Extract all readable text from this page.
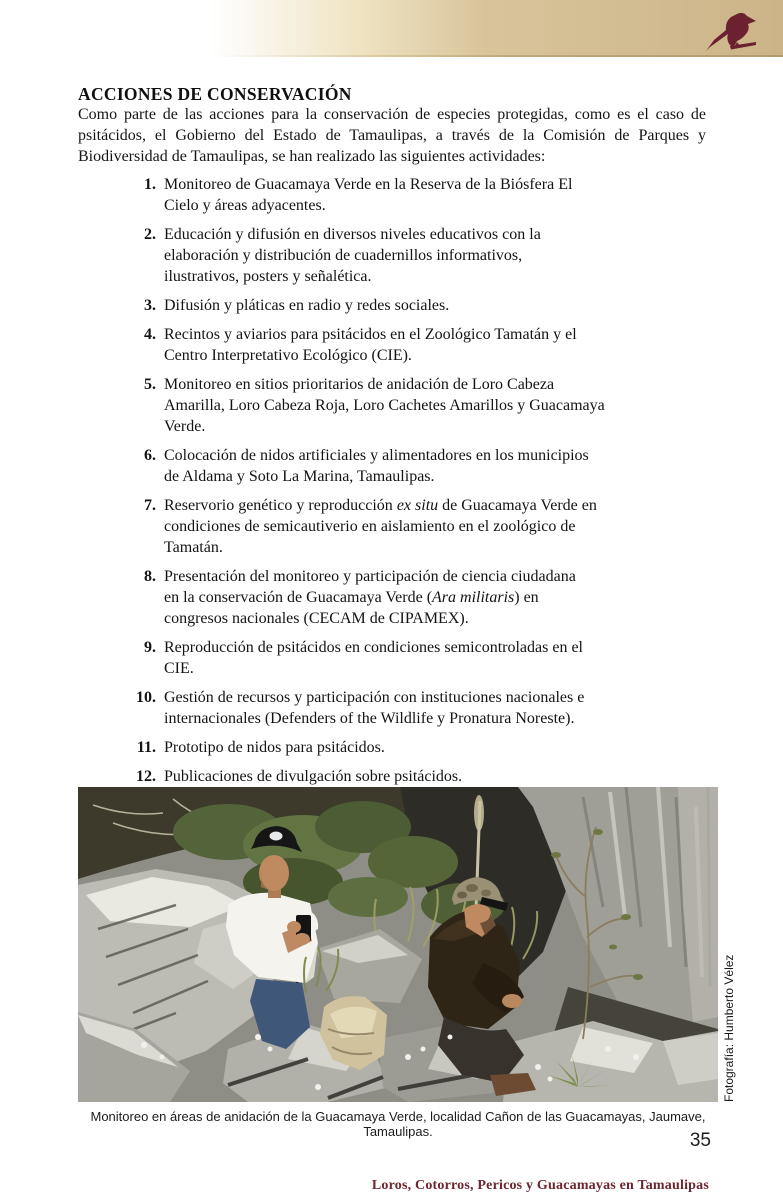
Loros, Cotorros, Pericos y Guacamayas en Tamaulipas
ACCIONES DE CONSERVACIÓN
Como parte de las acciones para la conservación de especies protegidas, como es el caso de psitácidos, el Gobierno del Estado de Tamaulipas, a través de la Comisión de Parques y Biodiversidad de Tamaulipas, se han realizado las siguientes actividades:
1. Monitoreo de Guacamaya Verde en la Reserva de la Biósfera El
Cielo y áreas adyacentes.
2. Educación y difusión en diversos niveles educativos con la
elaboración y distribución de cuadernillos informativos,
ilustrativos, posters y señalética.
3. Difusión y pláticas en radio y redes sociales.
4. Recintos y aviarios para psitácidos en el Zoológico Tamatán y el
Centro Interpretativo Ecológico (CIE).
5. Monitoreo en sitios prioritarios de anidación de Loro Cabeza
Amarilla, Loro Cabeza Roja, Loro Cachetes Amarillos y Guacamaya
Verde.
6. Colocación de nidos artificiales y alimentadores en los municipios
de Aldama y Soto La Marina, Tamaulipas.
7. Reservorio genético y reproducción ex situ de Guacamaya Verde en
condiciones de semicautiverio en aislamiento en el zoológico de
Tamatán.
8. Presentación del monitoreo y participación de ciencia ciudadana
en la conservación de Guacamaya Verde (Ara militaris) en
congresos nacionales (CECAM de CIPAMEX).
9. Reproducción de psitácidos en condiciones semicontroladas en el
CIE.
10. Gestión de recursos y participación con instituciones nacionales e
internacionales (Defenders of the Wildlife y Pronatura Noreste).
11. Prototipo de nidos para psitácidos.
12. Publicaciones de divulgación sobre psitácidos.
Fotografía: Humberto Vélez
Monitoreo en áreas de anidación de la Guacamaya Verde, localidad Cañon de las Guacamayas, Jaumave, Tamaulipas.	35
